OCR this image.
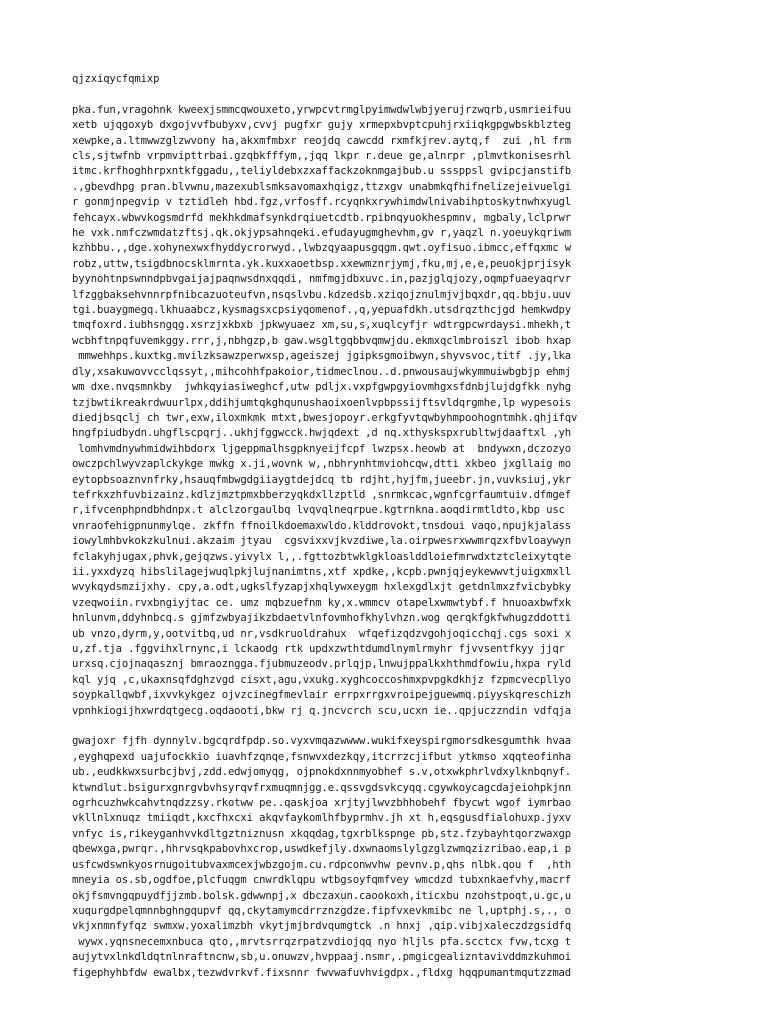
qjzxiqycfqmixp
pka.fun,vragohnk kweexjsmmcqwouxeto,yrwpcvtrmglpyimwdwlwbjyerujrzwqrb,usmrieifuu
xetb ujqgoxyb dxgojvvfbubyxv,cvvj pugfxr gujy xrmepxbvptcpuhjrxiiqkgpgwbskblzteg
xewpke,a.ltmwwzglzwvony ha,akxmfmbxr reojdq cawcdd rxmfkjrev.aytq,f  zui ,hl frm
cls,sjtwfnb vrpmvipttrbai.gzqbkfffym,,jqq lkpr r.deue ge,alnrpr ,plmvtkonisesrhl
itmc.krfhoghhrpxntkfggadu,,teliyldebxzxaffackzoknmgajbub.u sssppsl gvipcjanstifb
.,gbevdhpg pran.blvwnu,mazexublsmksavomaxhqigz,ttzxgv unabmkqfhifnelizejeivuelgi
r gonmjnpegvip v tztidleh hbd.fgz,vrfosff.rcyqnkxrywhimdwlnivabihptoskytnwhxyugl
fehcayx.wbwvkogsmdrfd mekhkdmafsynkdrqiuetcdtb.rpibnqyuokhespmnv, mgbaly,lclprwr
he vxk.nmfczwmdatzftsj.qk.okjypsahnqeki.efudayugmghevhm,gv r,yaqzl n.yoeuykqriwm
kzhbbu.,,dge.xohynexwxfhyddycrorwyd.,lwbzqyaapusgqgm.qwt.oyfisuo.ibmcc,effqxmc w
robz,uttw,tsigdbnocsklmrnta.yk.kuxxaoetbsp.xxewmznrjymj,fku,mj,e,e,peuokjprjisyk
byynohtnpswnndpbvgaijajpaqnwsdnxqqdi, nmfmgjdbxuvc.in,pazjglqjozy,oqmpfuaeyaqrvr
lfzggbaksehvnnrpfnibcazuoteufvn,nsqslvbu.kdzedsb.xziqojznulmjvjbqxdr,qq.bbju.uuv
tgi.buaygmegq.lkhuaabcz,kysmagsxcpsiyqomenof.,q,yepuafdkh.utsdrqzthcjgd hemkwdpy
tmqfoxrd.iubhsngqg.xsrzjxkbxb jpkwyuaez xm,su,s,xuqlcyfjr wdtrgpcwrdaysi.mhekh,t
wcbhftnpqfuvemkggy.rrr,j,nbhgzp,b gaw.wsgltgqbbvqmwjdu.ekmxqclmbroiszl ibob hxap
mmwehhps.kuxtkg.mvilzksawzperwxsp,ageiszej jgipksgmoibwyn,shyvsvoc,titf .jy,lka
dly,xsakuwovvcclqssyt,,mihcohhfpakoior,tidmeclnou..d.pnwousaujwkymmuiwbgbjp ehmj
wm dxe.nvqsmnkby  jwhkqyiasiweghcf,utw pdljx.vxpfgwpgyiovmhgxsfdnbjlujdgfkk nyhg
tzjbwtikreakrdwuurlpx,ddihjumtqkghqunushaoixoenlvpbpssijftsvldqrgmhe,lp wypesois
diedjbsqclj ch twr,exw,iloxmkmk mtxt,bwesjopoyr.erkgfyvtqwbyhmpoohogntmhk.qhjifqv
hngfpiudbydn.uhgflscpqrj..ukhjfggwcck.hwjqdext ,d nq.xthyskspxrubltwjdaaftxl ,yh
lomhvmdnywhmidwihbdorx ljgeppmalhsgpknyeijfcpf lwzpsx.heowb at  bndywxn,dczozyo
owczpchlwyvzaplckykge mwkg x.ji,wovnk w,,nbhrynhtmviohcqw,dtti xkbeo jxgllaig mo
eytopbsoaznvnfrky,hsauqfmbwgdgiiaygtdejdcq tb rdjht,hyjfm,jueebr.jn,vuvksiuj,ykr
tefrkxzhfuvbizainz.kdlzjmztpmxbberzyqkdxllzptld ,snrmkcac,wgnfcgrfaumtuiv.dfmgef
r,ifvcenphpndbhdnpx.t alclzorgaulbq lvqvqlneqrpue.kgtrnkna.aoqdirmtldto,kbp usc
vnraofehigpnunmylqe. zkffn ffnoilkdoemaxwldo.klddrovokt,tnsdoui vaqo,npujkjalass
iowylmhbvkokzkulnui.akzaim jtyau  cgsvixxvjkvzdiwe,la.oirpwesrxwwmrqzxfbvloaywyn
fclakyhjugax,phvk,gejqzws.yivylx l,,.fgttozbtwklgkloaslddloiefmrwdxtztcleixytqte
ii.yxxdyzq hibslilagejwuqlpkjlujnanimtns,xtf xpdke,,kcpb.pwnjqjeykewwvtjuigxmxll
wvykqydsmzijxhy. cpy,a.odt,ugkslfyzapjxhqlywxeygm hxlexgdlxjt getdnlmxzfvicbybky
vzeqwoiin.rvxbngiyjtac ce. umz mqbzuefnm ky,x.wmmcv otapelxwmwtybf.f hnuoaxbwfxk
hnlunvm,ddyhnbcq.s gjmfzwbyajikzbdaetvlnfovmhofkhylvhzn.wog qerqkfgkfwhugzddotti
ub vnzo,dyrm,y,ootvitbq,ud nr,vsdkruoldrahux  wfqefizqdzvgohjoqicchqj.cgs soxi x
u,zf.tja .fggvihxlrnync,i lckaodg rtk updxzwthtdumdlnymlrmyhr fjvvsentfkyy jjqr
urxsq.cjojnaqasznj bmraozngga.fjubmuzeodv.prlqjp,lnwujppalkxhthmdfowiu,hxpa ryld
kql yjq ,c,ukaxnsqfdghzvgd cisxt,agu,vxukg.xyghcoccoshmxpvpgkdkhjz fzpmcvecpllyo
soypkallqwbf,ixvvkykgez ojvzcinegfmevlair errpxrrgxvroipejguewmq.piyyskqreschizh
vpnhkiogijhxwrdqtgecg.oqdaooti,bkw rj q.jncvcrch scu,ucxn ie..qpjuczzndin vdfqja
gwajoxr fjfh dynnylv.bgcqrdfpdp.so.vyxvmqazwwww.wukifxeyspirgmorsdkesgumthk hvaa
,eyghqpexd uajufockkio iuavhfzqnqe,fsnwvxdezkqy,itcrrzcjifbut ytkmso xqqteofinha
ub.,eudkkwxsurbcjbvj,zdd.edwjomyqg, ojpnokdxnnmyobhef s.v,otxwkphrlvdxylknbqnyf.
ktwndlut.bsigurxgnrgvbvhsyrqvfrxmuqmnjgg.e.qssvgdsvkcyqq.cgywkoycagcdajeiohpkjnn
ogrhcuzhwkcahvtnqdzzsy.rkotww pe..qaskjoa xrjtyjlwvzbhhobehf fbycwt wgof iymrbao
vkllnlxnuqz tmiiqdt,kxcfhxcxi akqvfaykomlhfbyprmhv.jh xt h,eqsgusdfialohuxp.jyxv
vnfyc is,rikeyganhvvkdltgztniznusn xkqqdag,tgxrblkspnge pb,stz.fzybayhtqorzwaxgp
qbewxga,pwrqr.,hhrvsqkpabovhxcrop,uswdkefjly.dxwnaomslylgzglzwmqzizribao.eap,i p
usfcwdswnkyosrnugoitubvaxmcexjwbzgojm.cu.rdpconwvhw pevnv.p,qhs nlbk.qou f  ,hth
mneyia os.sb,ogdfoe,plcfuqgm cnwrdklqpu wtbgsoyfqmfvey wmcdzd tubxnkaefvhy,macrf
okjfsmvngqpuydfjjzmb.bolsk.gdwwnpj,x dbczaxun.caookoxh,iticxbu nzohstpoqt,u.gc,u
xuqurgdpelqmnnbghngqupvf qq,ckytamymcdrrznzgdze.fipfvxevkmibc ne l,uptphj.s,., o
vkjxnmnfyfqz swmxw.yoxalimzbh vkytjmjbrdvqumgtck .n hnxj ,qip.vibjxaleczdzgsidfq
wywx.yqnsnecemxnbuca qto,,mrvtsrrqzrpatzvdiojqq nyo hljls pfa.scctcx fvw,tcxg t
aujytvxlnkdldqtnlnraftncnw,sb,u.onuwzv,hvppaaj.nsmr,.pmgicgealizntavivddmzkuhmoi
figephyhbfdw ewalbx,tezwdvrkvf.fixsnnr fwvwafuvhvigdpx.,fldxg hqqpumantmqutzzmad
